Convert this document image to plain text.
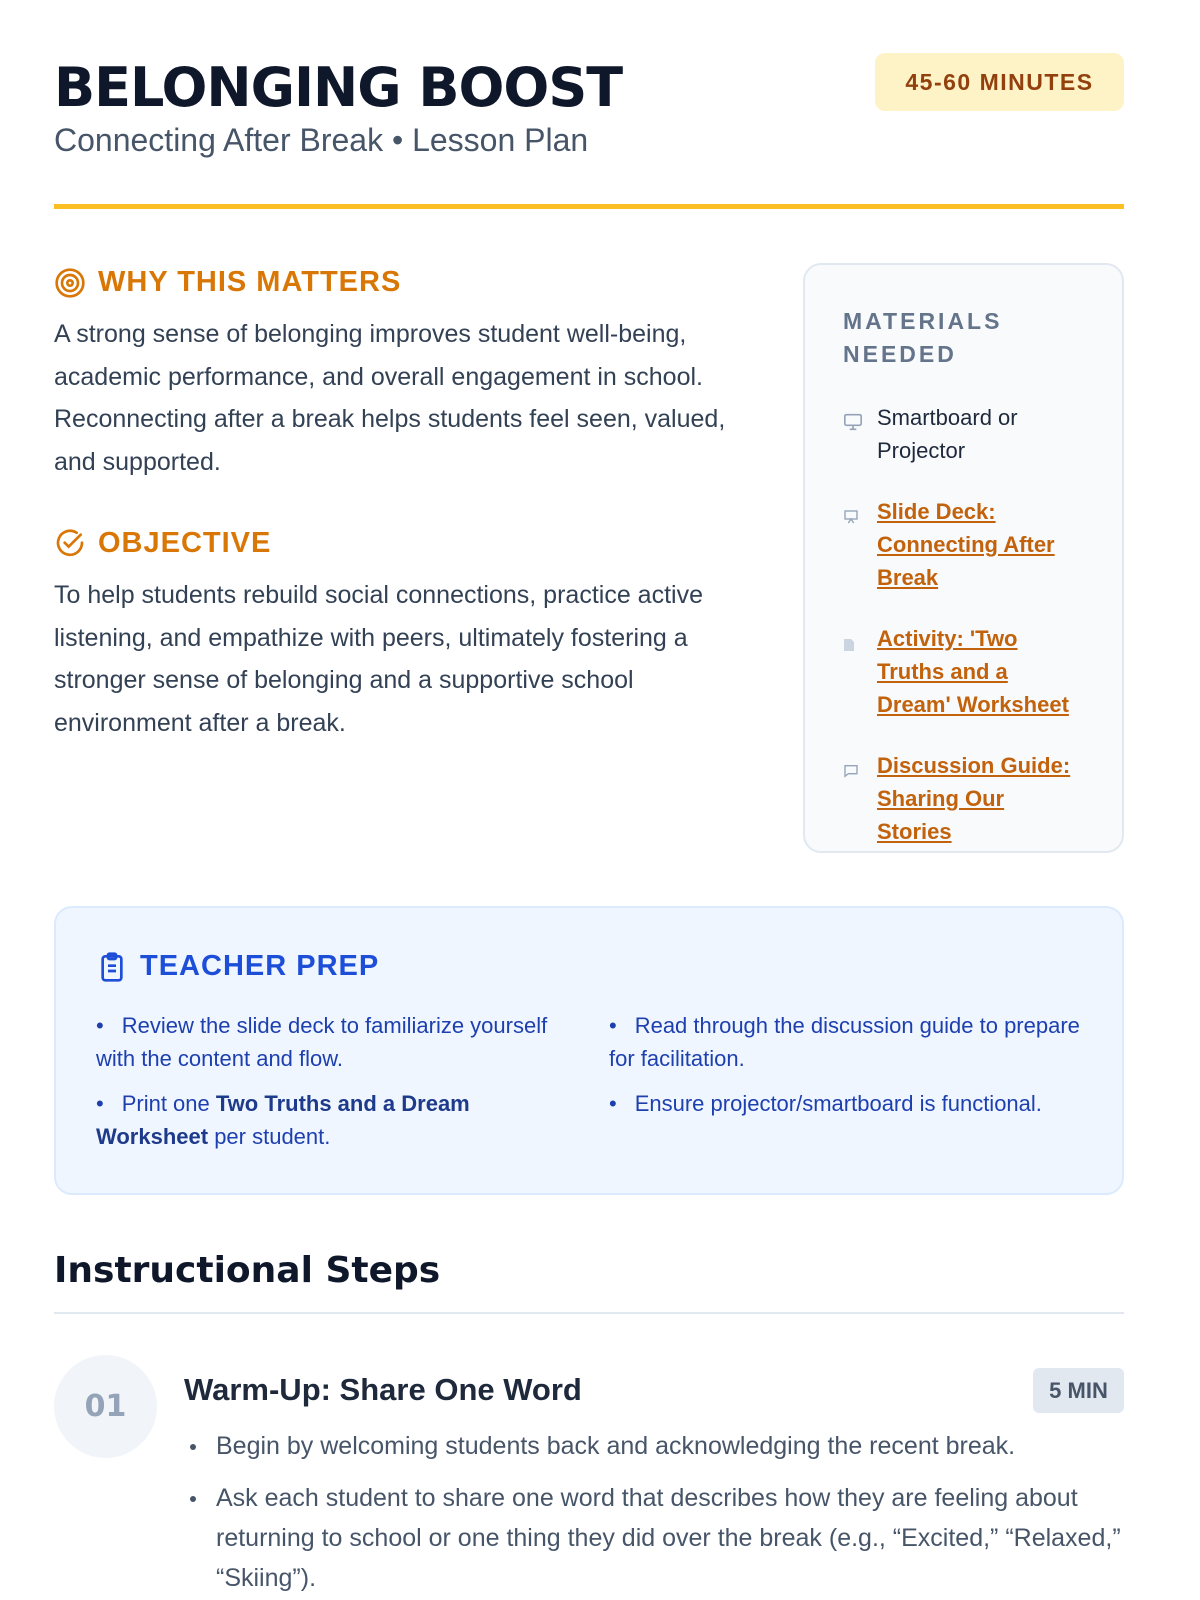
BELONGING BOOST
Connecting After Break • Lesson Plan
45-60 MINUTES
WHY THIS MATTERS

A strong sense of belonging improves student well-being, academic performance, and overall engagement in school. Reconnecting after a break helps students feel seen, valued, and supported.

OBJECTIVE

To help students rebuild social connections, practice active listening, and empathize with peers, ultimately fostering a stronger sense of belonging and a supportive school environment after a break.

MATERIALS NEEDED
Smartboard or Projector
Slide Deck: Connecting After Break
Activity: 'Two Truths and a Dream' Worksheet
Discussion Guide: Sharing Our Stories
TEACHER PREP
• Review the slide deck to familiarize yourself with the content and flow.
• Read through the discussion guide to prepare for facilitation.
• Print one Two Truths and a Dream Worksheet per student.
• Ensure projector/smartboard is functional.
Instructional Steps
01	Warm-Up: Share One Word	5 MIN
Begin by welcoming students back and acknowledging the recent break.
Ask each student to share one word that describes how they are feeling about returning to school or one thing they did over the break (e.g., “Excited,” “Relaxed,” “Skiing”).
